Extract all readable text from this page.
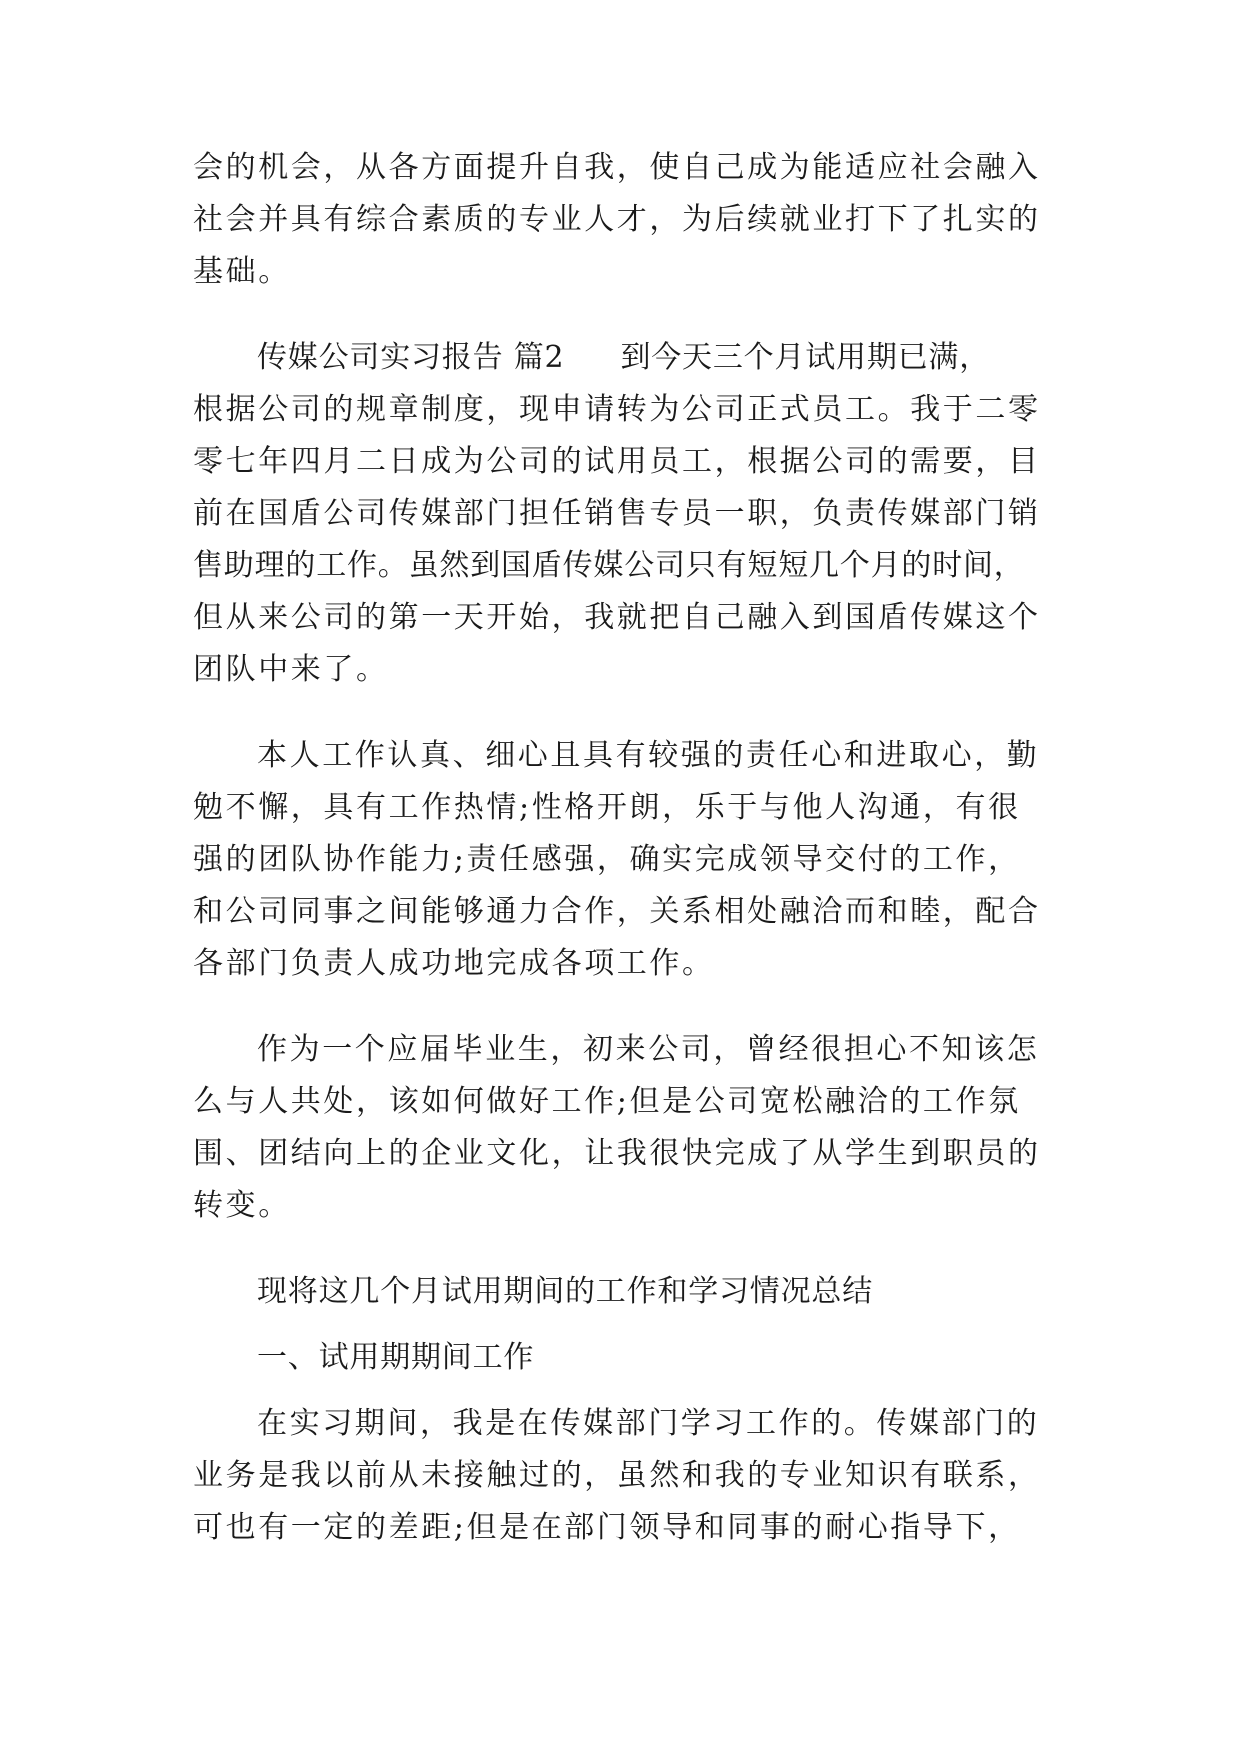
会的机会，从各方面提升自我，使自己成为能适应社会融入
社会并具有综合素质的专业人才，为后续就业打下了扎实的
基础。
传媒公司实习报告 篇2 到今天三个月试用期已满，
根据公司的规章制度，现申请转为公司正式员工。我于二零
零七年四月二日成为公司的试用员工，根据公司的需要，目
前在国盾公司传媒部门担任销售专员一职，负责传媒部门销
售助理的工作。虽然到国盾传媒公司只有短短几个月的时间，
但从来公司的第一天开始，我就把自己融入到国盾传媒这个
团队中来了。
本人工作认真、细心且具有较强的责任心和进取心，勤
勉不懈，具有工作热情;性格开朗，乐于与他人沟通，有很
强的团队协作能力;责任感强，确实完成领导交付的工作，
和公司同事之间能够通力合作，关系相处融洽而和睦，配合
各部门负责人成功地完成各项工作。
作为一个应届毕业生，初来公司，曾经很担心不知该怎
么与人共处，该如何做好工作;但是公司宽松融洽的工作氛
围、团结向上的企业文化，让我很快完成了从学生到职员的
转变。
现将这几个月试用期间的工作和学习情况总结
一、试用期期间工作
在实习期间，我是在传媒部门学习工作的。传媒部门的
业务是我以前从未接触过的，虽然和我的专业知识有联系，
可也有一定的差距;但是在部门领导和同事的耐心指导下，
